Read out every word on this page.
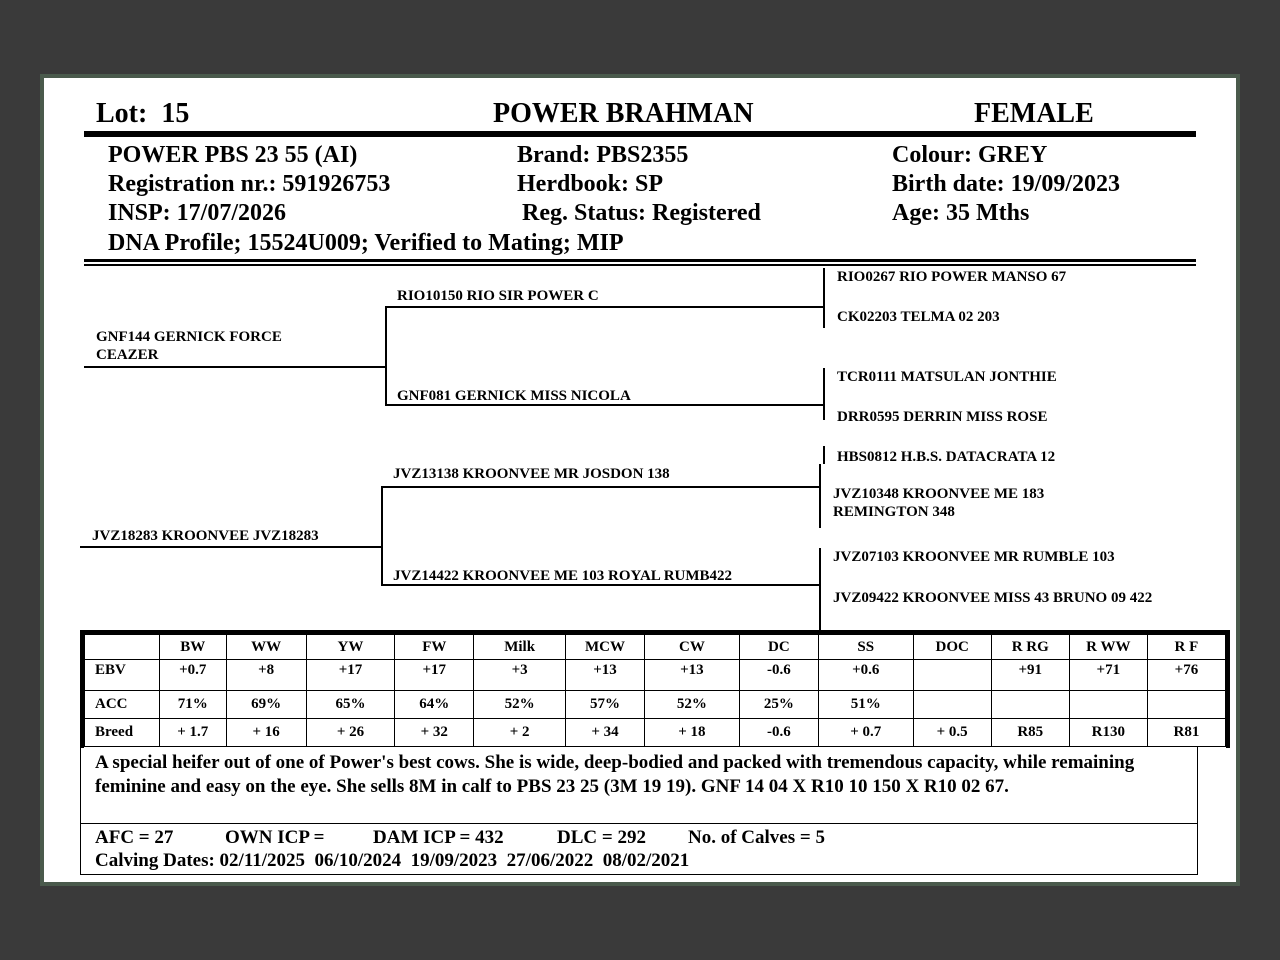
Lot: 15	POWER BRAHMAN	FEMALE
POWER PBS 23 55 (AI)
Registration nr.: 591926753
INSP: 17/07/2026
DNA Profile; 15524U009; Verified to Mating; MIP
Brand: PBS2355
Herdbook: SP
Reg. Status: Registered
Colour: GREY
Birth date: 19/09/2023
Age: 35 Mths
GNF144 GERNICK FORCE CEAZER
RIO10150 RIO SIR POWER C
RIO0267 RIO POWER MANSO 67
CK02203 TELMA 02 203
GNF081 GERNICK MISS NICOLA
TCR0111 MATSULAN JONTHIE
DRR0595 DERRIN MISS ROSE
JVZ18283 KROONVEE JVZ18283
JVZ13138 KROONVEE MR JOSDON 138
HBS0812 H.B.S. DATACRATA 12
JVZ10348 KROONVEE ME 183 REMINGTON 348
JVZ14422 KROONVEE ME 103 ROYAL RUMB422
JVZ07103 KROONVEE MR RUMBLE 103
JVZ09422 KROONVEE MISS 43 BRUNO 09 422
	BW	WW	YW	FW	Milk	MCW	CW	DC	SS	DOC	R RG	R WW	R F
EBV	+0.7	+8	+17	+17	+3	+13	+13	-0.6	+0.6		+91	+71	+76
ACC	71%	69%	65%	64%	52%	57%	52%	25%	51%				
Breed	+ 1.7	+ 16	+ 26	+ 32	+ 2	+ 34	+ 18	-0.6	+ 0.7	+ 0.5	R85	R130	R81
A special heifer out of one of Power's best cows. She is wide, deep-bodied and packed with tremendous capacity, while remaining feminine and easy on the eye. She sells 8M in calf to PBS 23 25 (3M 19 19). GNF 14 04 X R10 10 150 X R10 02 67.
AFC = 27	OWN ICP =	DAM ICP = 432	DLC = 292 No. of Calves = 5
Calving Dates: 02/11/2025  06/10/2024  19/09/2023  27/06/2022  08/02/2021
